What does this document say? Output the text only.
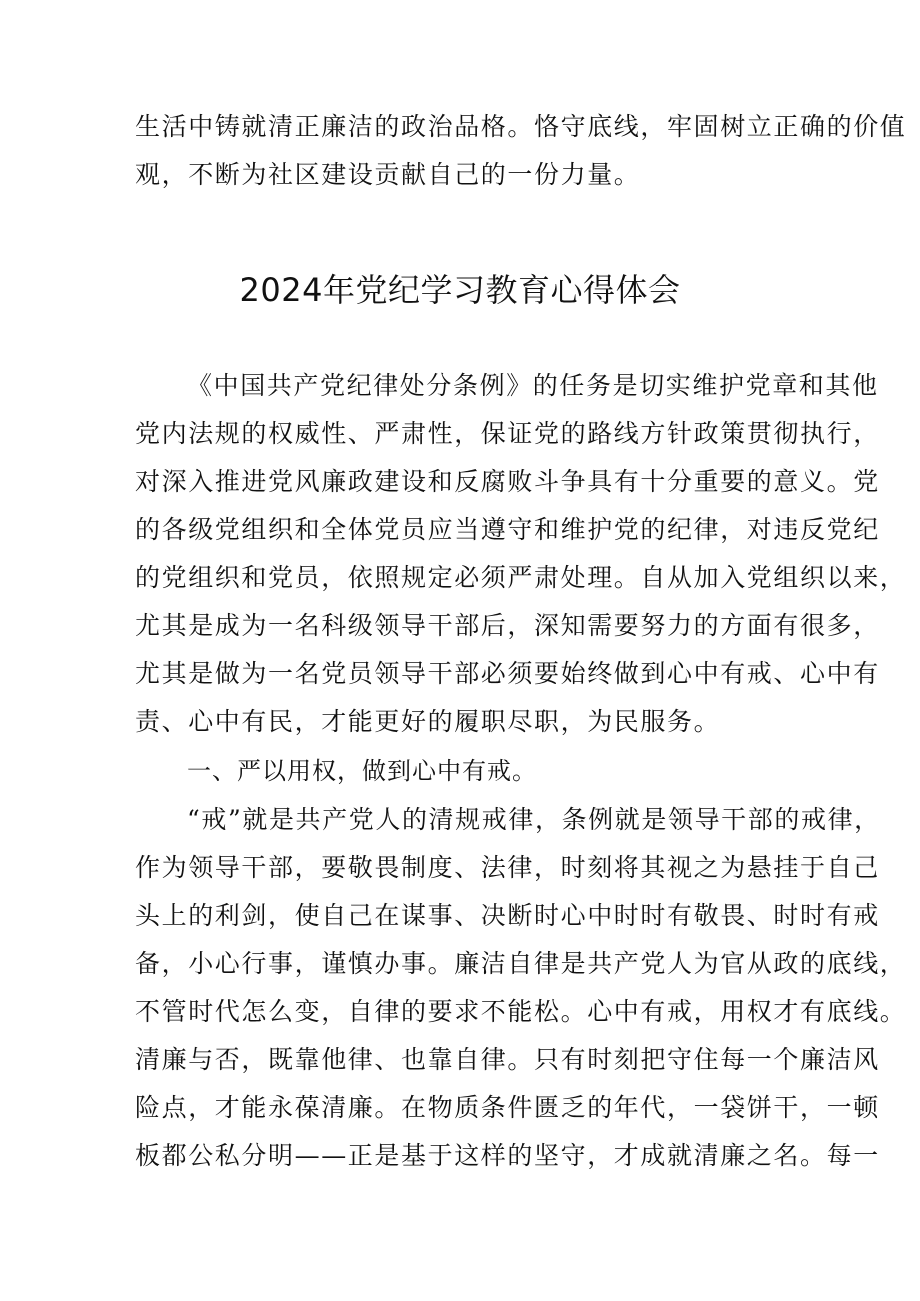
生活中铸就清正廉洁的政治品格。恪守底线，牢固树立正确的价值
观，不断为社区建设贡献自己的一份力量。
2024年党纪学习教育心得体会
《中国共产党纪律处分条例》的任务是切实维护党章和其他
党内法规的权威性、严肃性，保证党的路线方针政策贯彻执行，
对深入推进党风廉政建设和反腐败斗争具有十分重要的意义。党
的各级党组织和全体党员应当遵守和维护党的纪律，对违反党纪
的党组织和党员，依照规定必须严肃处理。自从加入党组织以来，
尤其是成为一名科级领导干部后，深知需要努力的方面有很多，
尤其是做为一名党员领导干部必须要始终做到心中有戒、心中有
责、心中有民，才能更好的履职尽职，为民服务。
一、严以用权，做到心中有戒。
“戒”就是共产党人的清规戒律，条例就是领导干部的戒律，
作为领导干部，要敬畏制度、法律，时刻将其视之为悬挂于自己
头上的利剑，使自己在谋事、决断时心中时时有敬畏、时时有戒
备，小心行事，谨慎办事。廉洁自律是共产党人为官从政的底线，
不管时代怎么变，自律的要求不能松。心中有戒，用权才有底线。
清廉与否，既靠他律、也靠自律。只有时刻把守住每一个廉洁风
险点，才能永葆清廉。在物质条件匮乏的年代，一袋饼干，一顿
板都公私分明——正是基于这样的坚守，才成就清廉之名。每一
